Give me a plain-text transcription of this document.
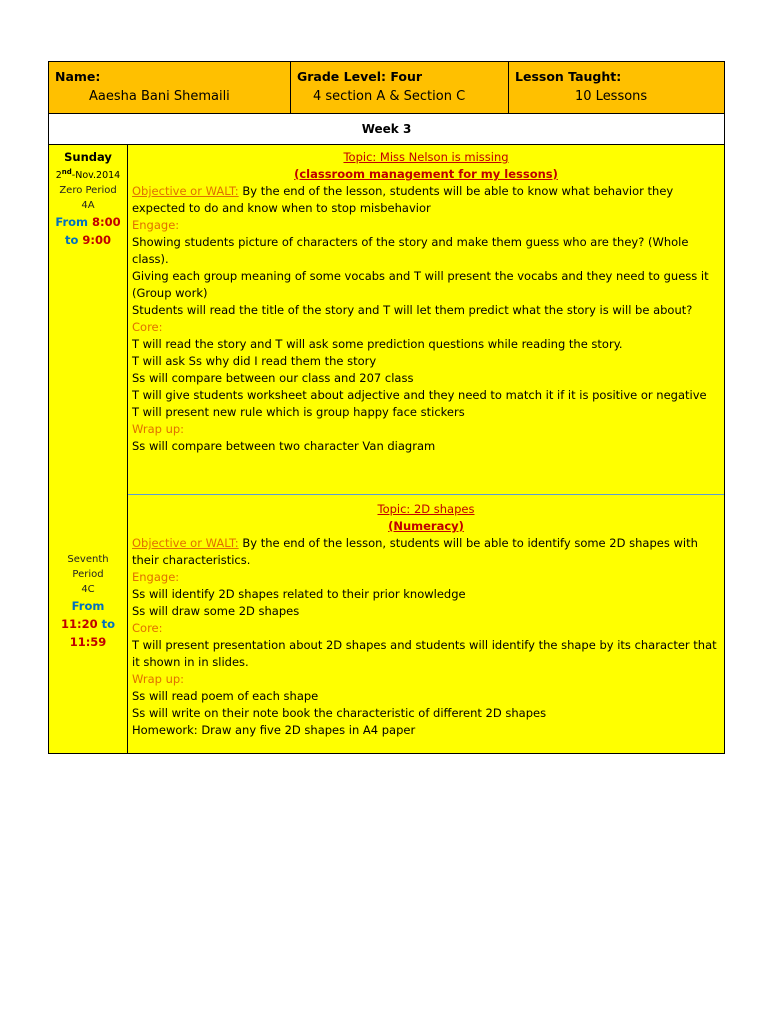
Name:
Aaesha Bani Shemaili
Grade Level: Four
4 section A & Section C
Lesson Taught:
10 Lessons
Week 3
Sunday
2nd-Nov.2014
Zero Period
4A
From 8:00
to 9:00
Seventh
Period
4C
From
11:20 to
11:59
Topic: Miss Nelson is missing
(classroom management for my lessons)
Objective or WALT: By the end of the lesson, students will be able to know what behavior they expected to do and know when to stop misbehavior
Engage:
Showing students picture of characters of the story and make them guess who are they? (Whole class).
Giving each group meaning of some vocabs and T will present the vocabs and they need to guess it (Group work)
Students will read the title of the story and T will let them predict what the story is will be about?
Core:
T will read the story and T will ask some prediction questions while reading the story.
T will ask Ss why did I read them the story
Ss will compare between our class and 207 class
T will give students worksheet about adjective and they need to match it if it is positive or negative
T will present new rule which is group happy face stickers
Wrap up:
Ss will compare between two character Van diagram
Topic: 2D shapes
(Numeracy)
Objective or WALT: By the end of the lesson, students will be able to identify some 2D shapes with their characteristics.
Engage:
Ss will identify 2D shapes related to their prior knowledge
Ss will draw some 2D shapes
Core:
T will present presentation about 2D shapes and students will identify the shape by its character that it shown in in slides.
Wrap up:
Ss will read poem of each shape
Ss will write on their note book the characteristic of different 2D shapes
Homework: Draw any five 2D shapes in A4 paper
